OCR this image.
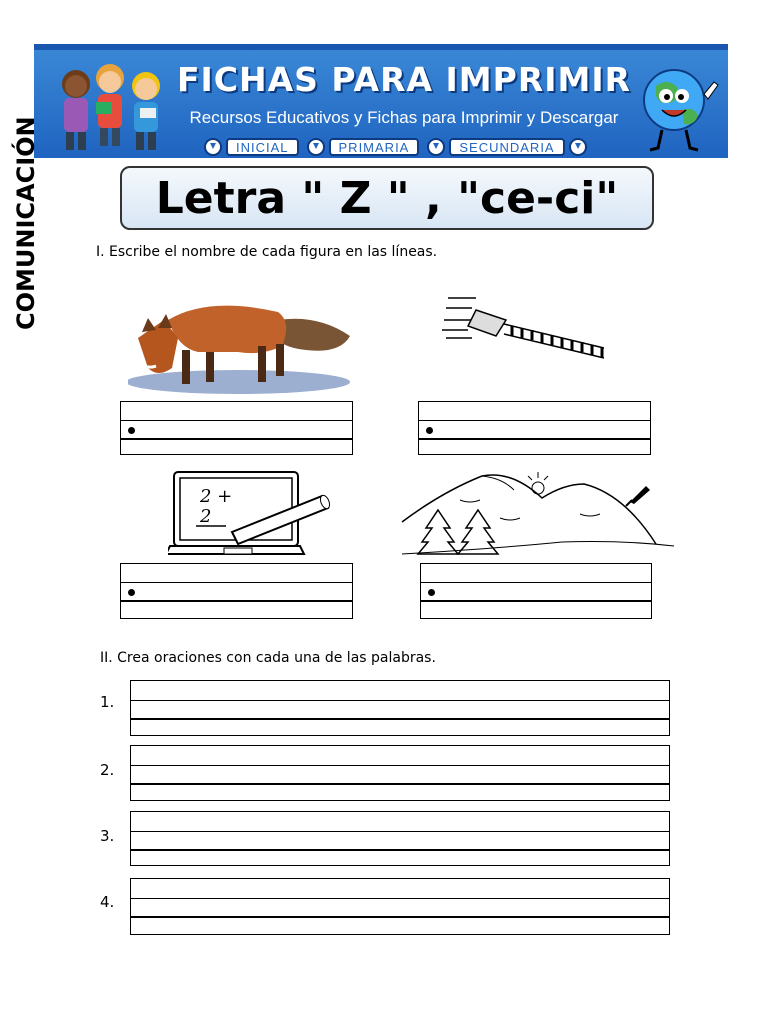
FICHAS PARA IMPRIMIR
Recursos Educativos y Fichas para Imprimir y Descargar
INICIAL	PRIMARIA	SECUNDARIA
COMUNICACIÓN	Letra " Z " , "ce-ci"
I. Escribe el nombre de cada figura en las líneas.
2 +
2
II. Crea oraciones con cada una de las palabras.
1.
2.
3.
4.
